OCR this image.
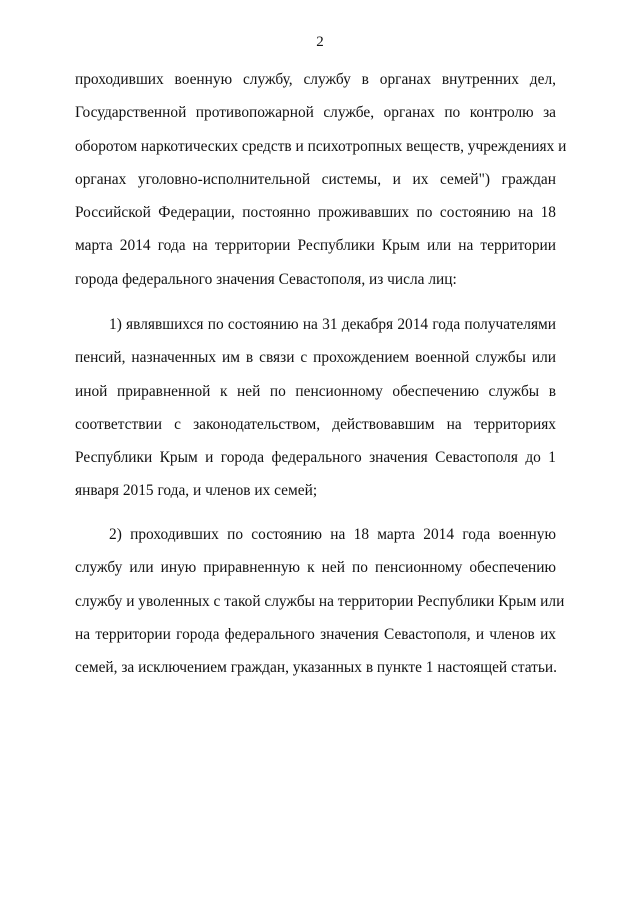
2
проходивших военную службу, службу в органах внутренних дел,
Государственной противопожарной службе, органах по контролю за
оборотом наркотических средств и психотропных веществ, учреждениях и
органах уголовно-исполнительной системы, и их семей") граждан
Российской Федерации, постоянно проживавших по состоянию на 18
марта 2014 года на территории Республики Крым или на территории
города федерального значения Севастополя, из числа лиц:
1) являвшихся по состоянию на 31 декабря 2014 года получателями
пенсий, назначенных им в связи с прохождением военной службы или
иной приравненной к ней по пенсионному обеспечению службы в
соответствии с законодательством, действовавшим на территориях
Республики Крым и города федерального значения Севастополя до 1
января 2015 года, и членов их семей;
2) проходивших по состоянию на 18 марта 2014 года военную
службу или иную приравненную к ней по пенсионному обеспечению
службу и уволенных с такой службы на территории Республики Крым или
на территории города федерального значения Севастополя, и членов их
семей, за исключением граждан, указанных в пункте 1 настоящей статьи.
